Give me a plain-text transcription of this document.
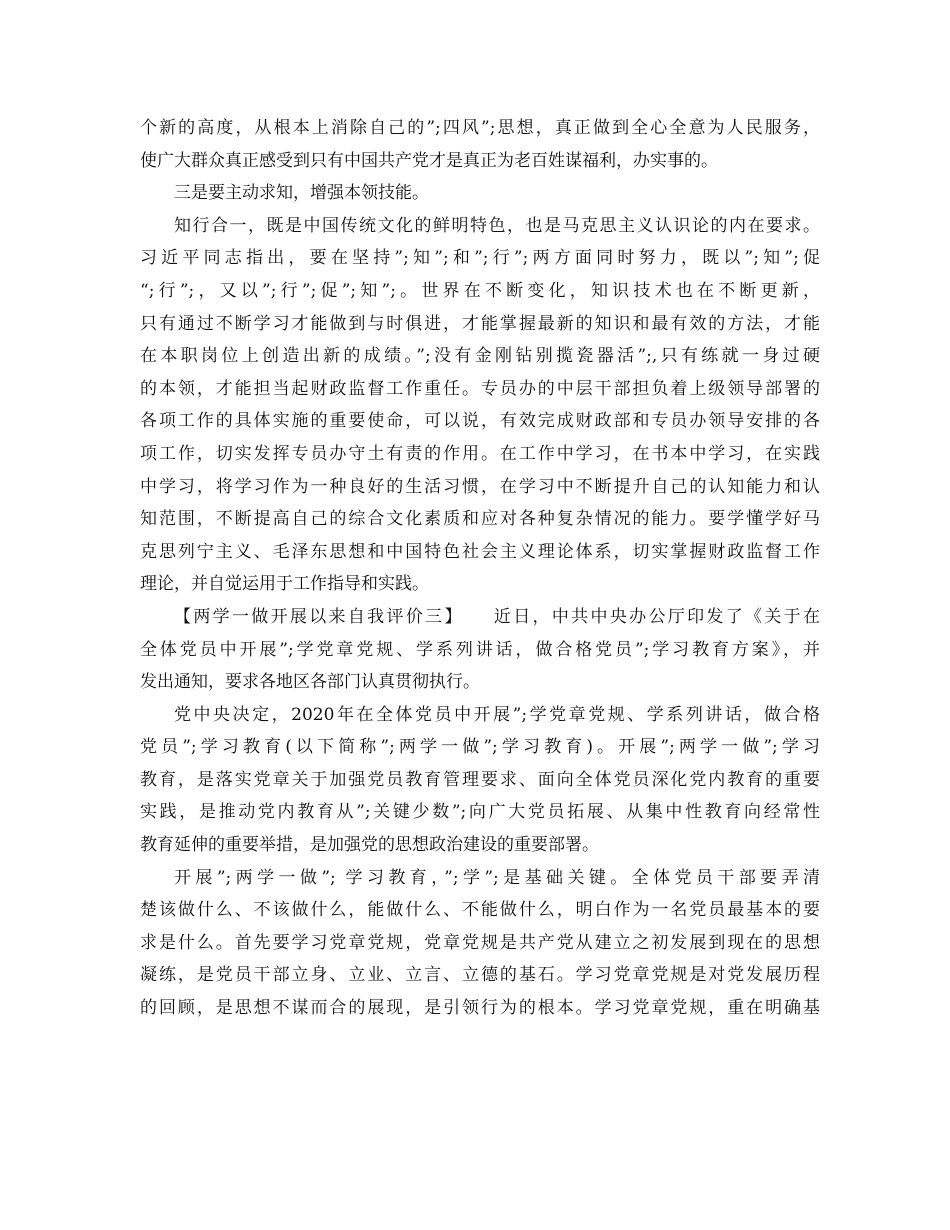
个新的高度，从根本上消除自己的”;四风”;思想，真正做到全心全意为人民服务，
使广大群众真正感受到只有中国共产党才是真正为老百姓谋福利，办实事的。
三是要主动求知，增强本领技能。
知行合一，既是中国传统文化的鲜明特色，也是马克思主义认识论的内在要求。
习近平同志指出，要在坚持”;知”;和”;行”;两方面同时努力，既以”;知”;促
“;行”;，又以”;行”;促”;知”;。世界在不断变化，知识技术也在不断更新，
只有通过不断学习才能做到与时俱进，才能掌握最新的知识和最有效的方法，才能
在本职岗位上创造出新的成绩。”;没有金刚钻别揽瓷器活”;,只有练就一身过硬
的本领，才能担当起财政监督工作重任。专员办的中层干部担负着上级领导部署的
各项工作的具体实施的重要使命，可以说，有效完成财政部和专员办领导安排的各
项工作，切实发挥专员办守土有责的作用。在工作中学习，在书本中学习，在实践
中学习，将学习作为一种良好的生活习惯，在学习中不断提升自己的认知能力和认
知范围，不断提高自己的综合文化素质和应对各种复杂情况的能力。要学懂学好马
克思列宁主义、毛泽东思想和中国特色社会主义理论体系，切实掌握财政监督工作
理论，并自觉运用于工作指导和实践。
【两学一做开展以来自我评价三】　　近日，中共中央办公厅印发了《关于在
全体党员中开展”;学党章党规、学系列讲话，做合格党员”;学习教育方案》，并
发出通知，要求各地区各部门认真贯彻执行。
党中央决定，2020年在全体党员中开展”;学党章党规、学系列讲话，做合格
党员”;学习教育(以下简称”;两学一做”;学习教育)。开展”;两学一做”;学习
教育，是落实党章关于加强党员教育管理要求、面向全体党员深化党内教育的重要
实践，是推动党内教育从”;关键少数”;向广大党员拓展、从集中性教育向经常性
教育延伸的重要举措，是加强党的思想政治建设的重要部署。
开展”;两学一做”; 学习教育，”;学”;是基础关键。全体党员干部要弄清
楚该做什么、不该做什么，能做什么、不能做什么，明白作为一名党员最基本的要
求是什么。首先要学习党章党规，党章党规是共产党从建立之初发展到现在的思想
凝练，是党员干部立身、立业、立言、立德的基石。学习党章党规是对党发展历程
的回顾，是思想不谋而合的展现，是引领行为的根本。学习党章党规，重在明确基
